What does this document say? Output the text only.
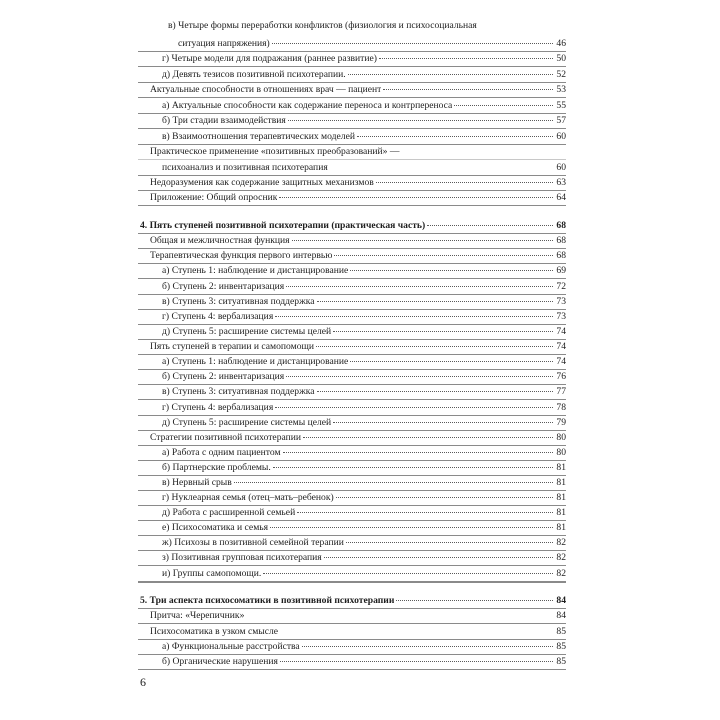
в) Четыре формы переработки конфликтов (физиология и психосоциальная
ситуация напряжения)	46
г) Четыре модели для подражания (раннее развитие)	50
д) Девять тезисов позитивной психотерапии.	52
Актуальные способности в отношениях врач — пациент	53
а) Актуальные способности как содержание переноса и контрпереноса	55
б) Три стадии взаимодействия	57
в) Взаимоотношения терапевтических моделей	60
Практическое применение «позитивных преобразований» —
психоанализ и позитивная психотерапия	60
Недоразумения как содержание защитных механизмов	63
Приложение: Общий опросник	64
4. Пять ступеней позитивной психотерапии (практическая часть)	68
Общая и межличностная функция	68
Терапевтическая функция первого интервью	68
а) Ступень 1: наблюдение и дистанцирование	69
б) Ступень 2: инвентаризация	72
в) Ступень 3: ситуативная поддержка	73
г) Ступень 4: вербализация	73
д) Ступень 5: расширение системы целей	74
Пять ступеней в терапии и самопомощи	74
а) Ступень 1: наблюдение и дистанцирование	74
б) Ступень 2: инвентаризация	76
в) Ступень 3: ситуативная поддержка	77
г) Ступень 4: вербализация	78
д) Ступень 5: расширение системы целей	79
Стратегии позитивной психотерапии	80
а) Работа с одним пациентом	80
б) Партнерские проблемы.	81
в) Нервный срыв	81
г) Нуклеарная семья (отец–мать–ребенок)	81
д) Работа с расширенной семьей	81
е) Психосоматика и семья	81
ж) Психозы в позитивной семейной терапии	82
з) Позитивная групповая психотерапия	82
и) Группы самопомощи.	82
5. Три аспекта психосоматики в позитивной психотерапии	84
Притча: «Черепичник»	84
Психосоматика в узком смысле	85
а) Функциональные расстройства	85
б) Органические нарушения	85
6
